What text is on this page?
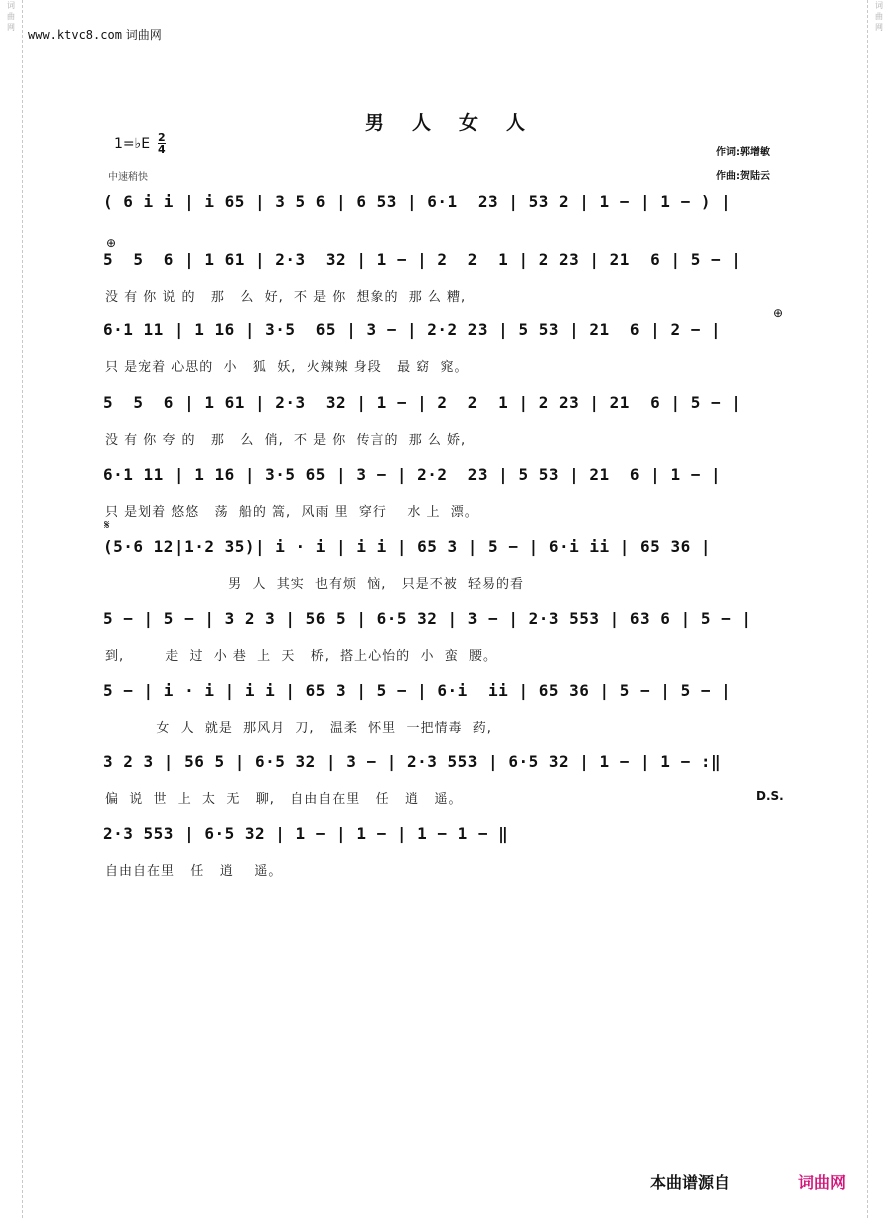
词
曲
网
词
曲
网
www.ktvc8.com 词曲网
男人女人
1=♭E 2
4
中速稍快
作词:郭增敏
作曲:贺陆云
⊕
⊕
𝄋
( 6 i i | i 65 | 3 5 6 | 6 53 | 6·1  23 | 53 2 | 1 − | 1 − ) |
5  5  6 | 1 61 | 2·3  32 | 1 − | 2  2  1 | 2 23 | 21  6 | 5 − |
没 有 你 说 的   那   么  好,  不 是 你  想象的  那 么 糟,
6·1 11 | 1 16 | 3·5  65 | 3 − | 2·2 23 | 5 53 | 21  6 | 2 − |
只 是宠着 心思的  小   狐  妖,  火辣辣 身段   最 窈  窕。
5  5  6 | 1 61 | 2·3  32 | 1 − | 2  2  1 | 2 23 | 21  6 | 5 − |
没 有 你 夸 的   那   么  俏,  不 是 你  传言的  那 么 娇,
6·1 11 | 1 16 | 3·5 65 | 3 − | 2·2  23 | 5 53 | 21  6 | 1 − |
只 是划着 悠悠   荡  船的 篙,  风雨 里  穿行    水 上  漂。
(5·6 12|1·2 35)| i · i | i i | 65 3 | 5 − | 6·i ii | 65 36 |
男  人  其实  也有烦  恼,   只是不被  轻易的看
5 − | 5 − | 3 2 3 | 56 5 | 6·5 32 | 3 − | 2·3 553 | 63 6 | 5 − |
到,        走  过  小 巷  上  天   桥,  搭上心怡的  小  蛮  腰。
5 − | i · i | i i | 65 3 | 5 − | 6·i  ii | 65 36 | 5 − | 5 − |
女  人  就是  那风月  刀,   温柔  怀里  一把情毒  药,
3 2 3 | 56 5 | 6·5 32 | 3 − | 2·3 553 | 6·5 32 | 1 − | 1 − :‖
偏  说  世  上  太  无   聊,   自由自在里   任   逍   遥。
2·3 553 | 6·5 32 | 1 − | 1 − | 1 − 1 − ‖
自由自在里   任   逍    遥。
D.S.
本曲谱源自	词曲网
